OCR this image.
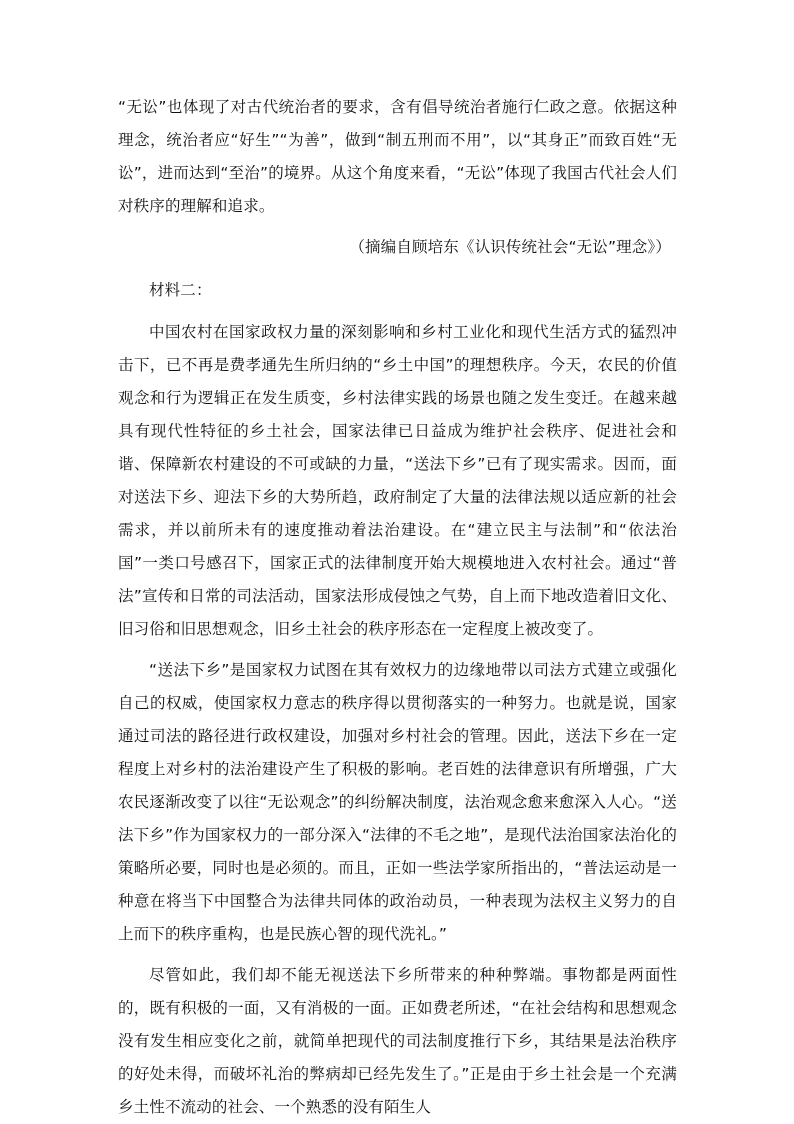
“无讼”也体现了对古代统治者的要求，含有倡导统治者施行仁政之意。依据这种理念，统治者应“好生”“为善”，做到“制五刑而不用”，以“其身正”而致百姓“无讼”，进而达到“至治”的境界。从这个角度来看，“无讼”体现了我国古代社会人们对秩序的理解和追求。

（摘编自顾培东《认识传统社会“无讼”理念》）

材料二：

中国农村在国家政权力量的深刻影响和乡村工业化和现代生活方式的猛烈冲击下，已不再是费孝通先生所归纳的“乡土中国”的理想秩序。今天，农民的价值观念和行为逻辑正在发生质变，乡村法律实践的场景也随之发生变迁。在越来越具有现代性特征的乡土社会，国家法律已日益成为维护社会秩序、促进社会和谐、保障新农村建设的不可或缺的力量，“送法下乡”已有了现实需求。因而，面对送法下乡、迎法下乡的大势所趋，政府制定了大量的法律法规以适应新的社会需求，并以前所未有的速度推动着法治建设。在“建立民主与法制”和“依法治国”一类口号感召下，国家正式的法律制度开始大规模地进入农村社会。通过“普法”宣传和日常的司法活动，国家法形成侵蚀之气势，自上而下地改造着旧文化、旧习俗和旧思想观念，旧乡土社会的秩序形态在一定程度上被改变了。

“送法下乡”是国家权力试图在其有效权力的边缘地带以司法方式建立或强化自己的权威，使国家权力意志的秩序得以贯彻落实的一种努力。也就是说，国家通过司法的路径进行政权建设，加强对乡村社会的管理。因此，送法下乡在一定程度上对乡村的法治建设产生了积极的影响。老百姓的法律意识有所增强，广大农民逐渐改变了以往“无讼观念”的纠纷解决制度，法治观念愈来愈深入人心。“送法下乡”作为国家权力的一部分深入“法律的不毛之地”，是现代法治国家法治化的策略所必要，同时也是必须的。而且，正如一些法学家所指出的，“普法运动是一种意在将当下中国整合为法律共同体的政治动员，一种表现为法权主义努力的自上而下的秩序重构，也是民族心智的现代洗礼。”

尽管如此，我们却不能无视送法下乡所带来的种种弊端。事物都是两面性的，既有积极的一面，又有消极的一面。正如费老所述，“在社会结构和思想观念没有发生相应变化之前，就简单把现代的司法制度推行下乡，其结果是法治秩序的好处未得，而破坏礼治的弊病却已经先发生了。”正是由于乡土社会是一个充满乡土性不流动的社会、一个熟悉的没有陌生人
